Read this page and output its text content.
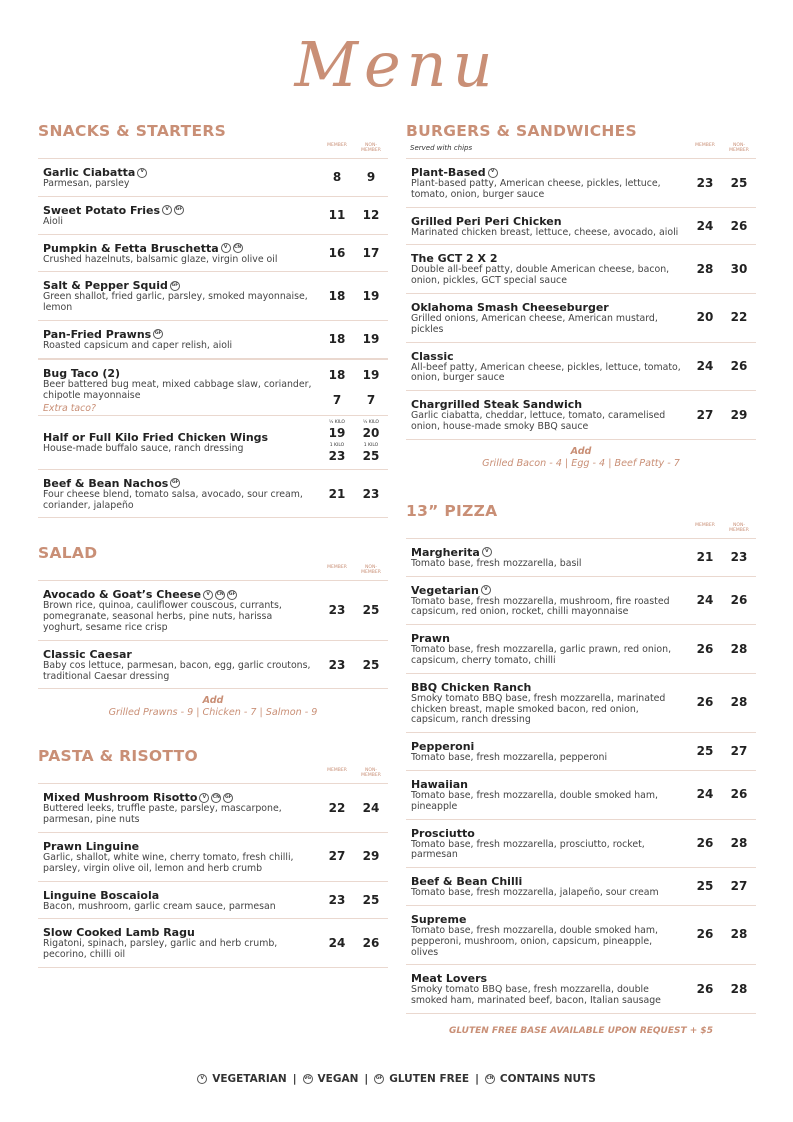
Menu
SNACKS & STARTERS
MEMBER	NON-MEMBER
Garlic Ciabatta	V
Parmesan, parsley	8	9
Sweet Potato Fries	V	GF
Aioli	11	12
Pumpkin & Fetta Bruschetta	V	CN
Crushed hazelnuts, balsamic glaze, virgin olive oil	16	17
Salt & Pepper Squid GF
Green shallot, fried garlic, parsley, smoked mayonnaise, lemon
18	19
Pan-Fried Prawns GF
Roasted capsicum and caper relish, aioli	18	19
Bug Taco (2)
Beer battered bug meat, mixed cabbage slaw, coriander, chipotle mayonnaise
Extra taco?
18	19
7	7
Half or Full Kilo Fried Chicken Wings
House-made buffalo sauce, ranch dressing
½ KILO	½ KILO
19	20
1 KILO	1 KILO
23	25
Beef & Bean Nachos GF
Four cheese blend, tomato salsa, avocado, sour cream, coriander, jalapeño
21	23
SALAD
MEMBER	NON-MEMBER
Avocado & Goat’s Cheese	V	CN	GF
Brown rice, quinoa, cauliflower couscous, currants, pomegranate, seasonal herbs, pine nuts, harissa yoghurt, sesame rice crisp
23	25
Classic Caesar
Baby cos lettuce, parmesan, bacon, egg, garlic croutons, traditional Caesar dressing
23	25
Add
Grilled Prawns - 9 | Chicken - 7 | Salmon - 9
PASTA & RISOTTO
MEMBER	NON-MEMBER
Mixed Mushroom Risotto	V	CN	GF
Buttered leeks, truffle paste, parsley, mascarpone, parmesan, pine nuts
22	24
Prawn Linguine
Garlic, shallot, white wine, cherry tomato, fresh chilli, parsley, virgin olive oil, lemon and herb crumb
27	29
Linguine Boscaiola
Bacon, mushroom, garlic cream sauce, parmesan	23	25
Slow Cooked Lamb Ragu
Rigatoni, spinach, parsley, garlic and herb crumb, pecorino, chilli oil
24	26
BURGERS & SANDWICHES
Served with chips	MEMBER	NON-MEMBER
Plant-Based	V
Plant-based patty, American cheese, pickles, lettuce, tomato, onion, burger sauce
23	25
Grilled Peri Peri Chicken
Marinated chicken breast, lettuce, cheese, avocado, aioli	24	26
The GCT 2 X 2
Double all-beef patty, double American cheese, bacon, onion, pickles, GCT special sauce
28	30
Oklahoma Smash Cheeseburger
Grilled onions, American cheese, American mustard, pickles
20	22
Classic
All-beef patty, American cheese, pickles, lettuce, tomato, onion, burger sauce
24	26
Chargrilled Steak Sandwich
Garlic ciabatta, cheddar, lettuce, tomato, caramelised onion, house-made smoky BBQ sauce
27	29
Add
Grilled Bacon - 4 | Egg - 4 | Beef Patty - 7
13” PIZZA
MEMBER	NON-MEMBER
Margherita	V
Tomato base, fresh mozzarella, basil	21	23
Vegetarian	V
Tomato base, fresh mozzarella, mushroom, fire roasted capsicum, red onion, rocket, chilli mayonnaise
24	26
Prawn
Tomato base, fresh mozzarella, garlic prawn, red onion, capsicum, cherry tomato, chilli
26	28
BBQ Chicken Ranch
Smoky tomato BBQ base, fresh mozzarella, marinated chicken breast, maple smoked bacon, red onion, capsicum, ranch dressing
26	28
Pepperoni
Tomato base, fresh mozzarella, pepperoni	25	27
Hawaiian
Tomato base, fresh mozzarella, double smoked ham, pineapple
24	26
Prosciutto
Tomato base, fresh mozzarella, prosciutto, rocket, parmesan
26	28
Beef & Bean Chilli
Tomato base, fresh mozzarella, jalapeño, sour cream	25	27
Supreme
Tomato base, fresh mozzarella, double smoked ham, pepperoni, mushroom, onion, capsicum, pineapple, olives
26	28
Meat Lovers
Smoky tomato BBQ base, fresh mozzarella, double smoked ham, marinated beef, bacon, Italian sausage
26	28
GLUTEN FREE BASE AVAILABLE UPON REQUEST + $5
V VEGETARIAN |	VG VEGAN |	GF GLUTEN FREE |	CN CONTAINS NUTS
